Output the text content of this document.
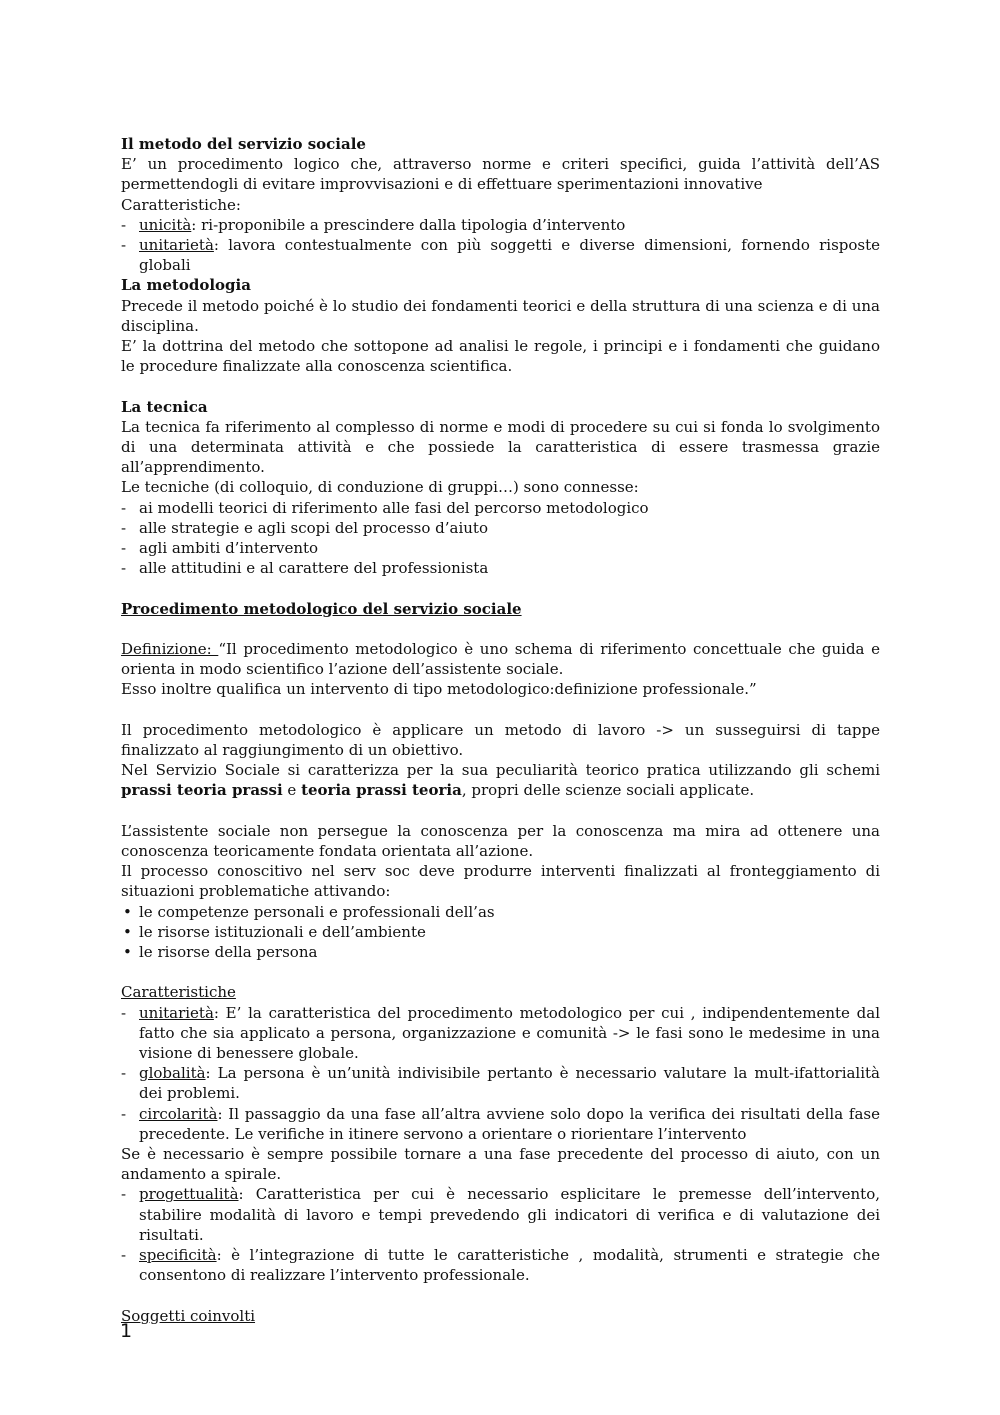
Il metodo del servizio sociale

E’ un procedimento logico che, attraverso norme e criteri specifici, guida l’attività dell’AS permettendogli di evitare improvvisazioni e di effettuare sperimentazioni innovative

Caratteristiche:

- unicità: ri-proponibile a prescindere dalla tipologia d’intervento
- unitarietà: lavora contestualmente con più soggetti e diverse dimensioni, fornendo risposte globali

La metodologia

Precede il metodo poiché è lo studio dei fondamenti teorici e della struttura di una scienza e di una disciplina.

E’ la dottrina del metodo che sottopone ad analisi le regole, i principi e i fondamenti che guidano le procedure finalizzate alla conoscenza scientifica.

La tecnica

La tecnica fa riferimento al complesso di norme e modi di procedere su cui si fonda lo svolgimento di una determinata attività e che possiede la caratteristica di essere trasmessa grazie all’apprendimento.

Le tecniche (di colloquio, di conduzione di gruppi…) sono connesse:

- ai modelli teorici di riferimento alle fasi del percorso metodologico
- alle strategie e agli scopi del processo d’aiuto
- agli ambiti d’intervento
- alle attitudini e al carattere del professionista

Procedimento metodologico del servizio sociale

Definizione: “Il procedimento metodologico è uno schema di riferimento concettuale che guida e orienta in modo scientifico l’azione dell’assistente sociale.

Esso inoltre qualifica un intervento di tipo metodologico:definizione professionale.”

Il procedimento metodologico è applicare un metodo di lavoro -> un susseguirsi di tappe finalizzato al raggiungimento di un obiettivo.

Nel Servizio Sociale si caratterizza per la sua peculiarità teorico pratica utilizzando gli schemi prassi teoria prassi e teoria prassi teoria, propri delle scienze sociali applicate.

L’assistente sociale non persegue la conoscenza per la conoscenza ma mira ad ottenere una conoscenza teoricamente fondata orientata all’azione.

Il processo conoscitivo nel serv soc deve produrre interventi finalizzati al fronteggiamento di situazioni problematiche attivando:

• le competenze personali e professionali dell’as
• le risorse istituzionali e dell’ambiente
• le risorse della persona

Caratteristiche

- unitarietà: E’ la caratteristica del procedimento metodologico per cui , indipendentemente dal fatto che sia applicato a persona, organizzazione e comunità -> le fasi sono le medesime in una visione di benessere globale.
- globalità: La persona è un’unità indivisibile pertanto è necessario valutare la mult-ifattorialità dei problemi.
- circolarità: Il passaggio da una fase all’altra avviene solo dopo la verifica dei risultati della fase precedente. Le verifiche in itinere servono a orientare o riorientare l’intervento

Se è necessario è sempre possibile tornare a una fase precedente del processo di aiuto, con un andamento a spirale.

- progettualità: Caratteristica per cui è necessario esplicitare le premesse dell’intervento, stabilire modalità di lavoro e tempi prevedendo gli indicatori di verifica e di valutazione dei risultati.
- specificità: è l’integrazione di tutte le caratteristiche , modalità, strumenti e strategie che consentono di realizzare l’intervento professionale.

Soggetti coinvolti

1
